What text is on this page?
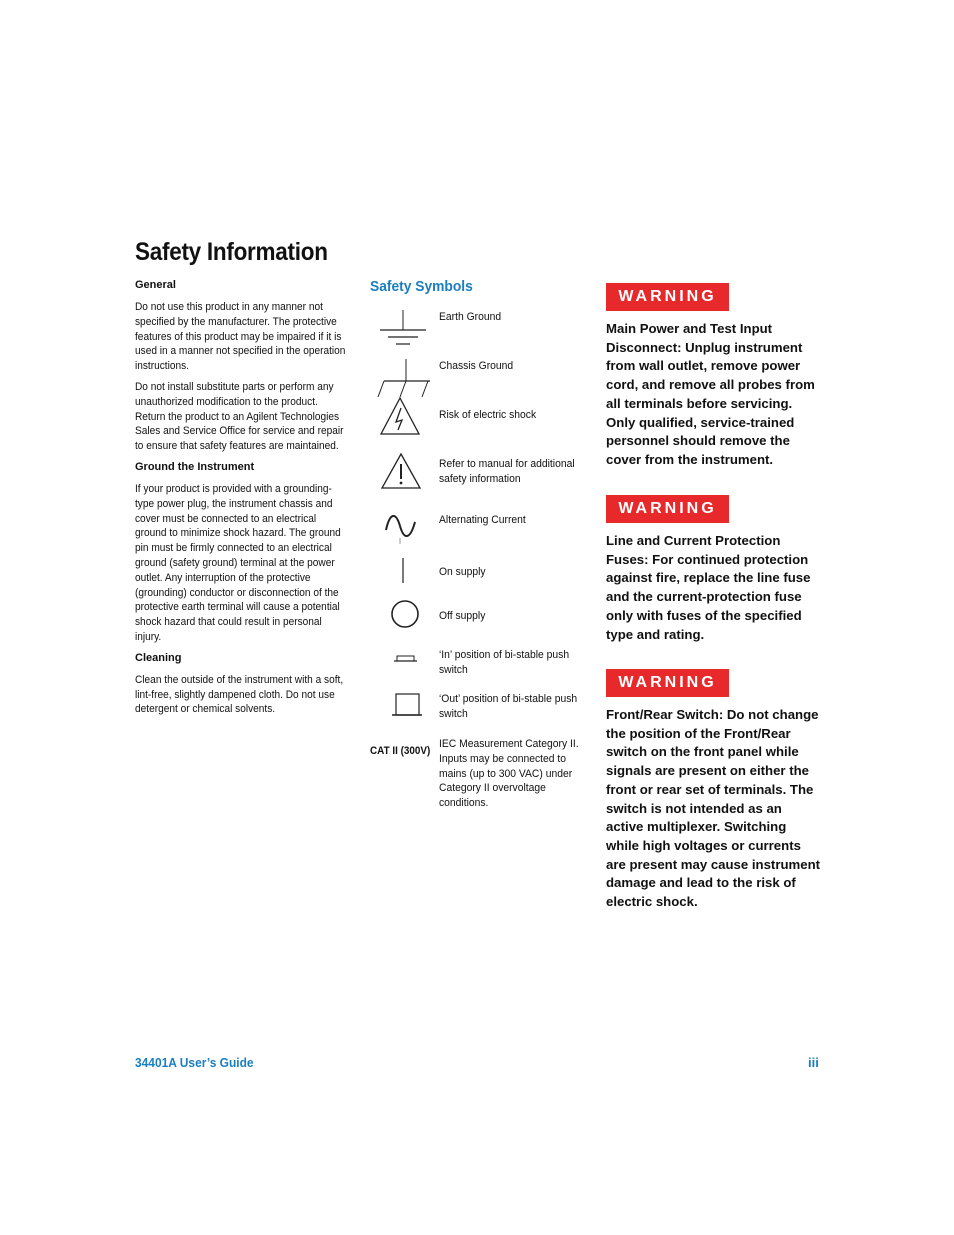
Safety Information
General

Do not use this product in any manner not specified by the manufacturer. The protective features of this product may be impaired if it is used in a manner not specified in the operation instructions.

Do not install substitute parts or perform any unauthorized modification to the product. Return the product to an Agilent Technologies Sales and Service Office for service and repair to ensure that safety features are maintained.

Ground the Instrument

If your product is provided with a grounding-type power plug, the instrument chassis and cover must be connected to an electrical ground to minimize shock hazard. The ground pin must be firmly connected to an electrical ground (safety ground) terminal at the power outlet. Any interruption of the protective (grounding) conductor or disconnection of the protective earth terminal will cause a potential shock hazard that could result in personal injury.

Cleaning

Clean the outside of the instrument with a soft, lint-free, slightly dampened cloth. Do not use detergent or chemical solvents.

Safety Symbols
Earth Ground
Chassis Ground
Risk of electric shock
Refer to manual for additional safety information
Alternating Current
On supply
Off supply
‘In’ position of bi-stable push switch
‘Out’ position of bi-stable push switch
CAT II (300V)
IEC Measurement Category II. Inputs may be connected to mains (up to 300 VAC) under Category II overvoltage conditions.
WARNING
Main Power and Test Input Disconnect: Unplug instrument from wall outlet, remove power cord, and remove all probes from all terminals before servicing. Only qualified, service-trained personnel should remove the cover from the instrument.
WARNING
Line and Current Protection Fuses: For continued protection against fire, replace the line fuse and the current-protection fuse only with fuses of the specified type and rating.
WARNING
Front/Rear Switch: Do not change the position of the Front/Rear switch on the front panel while signals are present on either the front or rear set of terminals. The switch is not intended as an active multiplexer. Switching while high voltages or currents are present may cause instrument damage and lead to the risk of electric shock.
34401A User’s Guide	iii
